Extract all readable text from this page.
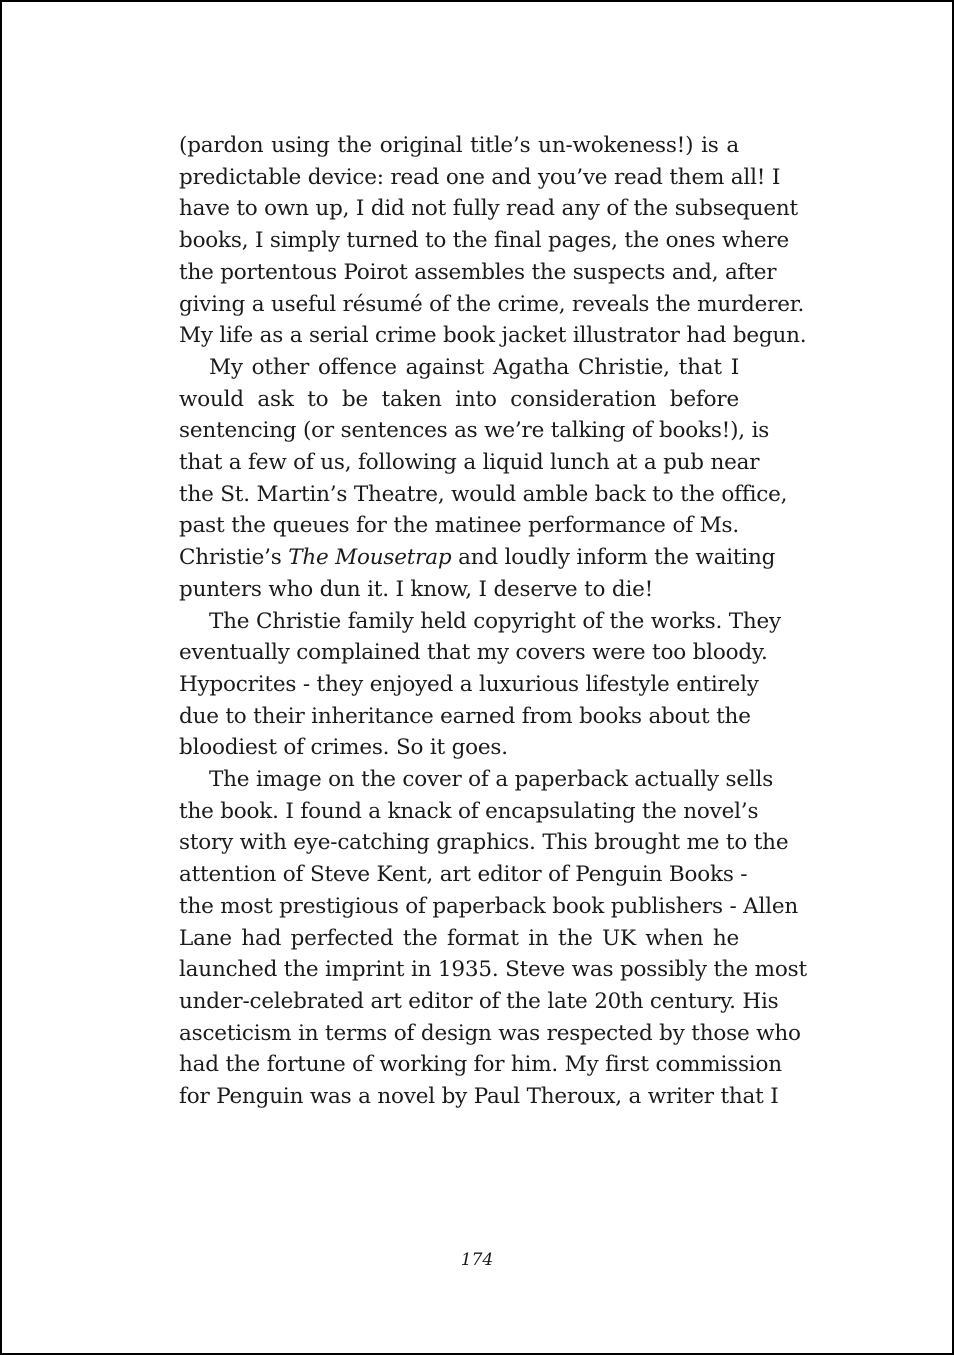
(pardon using the original title’s un-wokeness!) is a
predictable device: read one and you’ve read them all! I
have to own up, I did not fully read any of the subsequent
books, I simply turned to the final pages, the ones where
the portentous Poirot assembles the suspects and, after
giving a useful résumé of the crime, reveals the murderer.
My life as a serial crime book jacket illustrator had begun.
My other offence against Agatha Christie, that I
would ask to be taken into consideration before
sentencing (or sentences as we’re talking of books!), is
that a few of us, following a liquid lunch at a pub near
the St. Martin’s Theatre, would amble back to the office,
past the queues for the matinee performance of Ms.
Christie’s The Mousetrap and loudly inform the waiting
punters who dun it. I know, I deserve to die!
The Christie family held copyright of the works. They
eventually complained that my covers were too bloody.
Hypocrites - they enjoyed a luxurious lifestyle entirely
due to their inheritance earned from books about the
bloodiest of crimes. So it goes.
The image on the cover of a paperback actually sells
the book. I found a knack of encapsulating the novel’s
story with eye-catching graphics. This brought me to the
attention of Steve Kent, art editor of Penguin Books -
the most prestigious of paperback book publishers - Allen
Lane had perfected the format in the UK when he
launched the imprint in 1935. Steve was possibly the most
under-celebrated art editor of the late 20th century. His
asceticism in terms of design was respected by those who
had the fortune of working for him. My first commission
for Penguin was a novel by Paul Theroux, a writer that I
174
